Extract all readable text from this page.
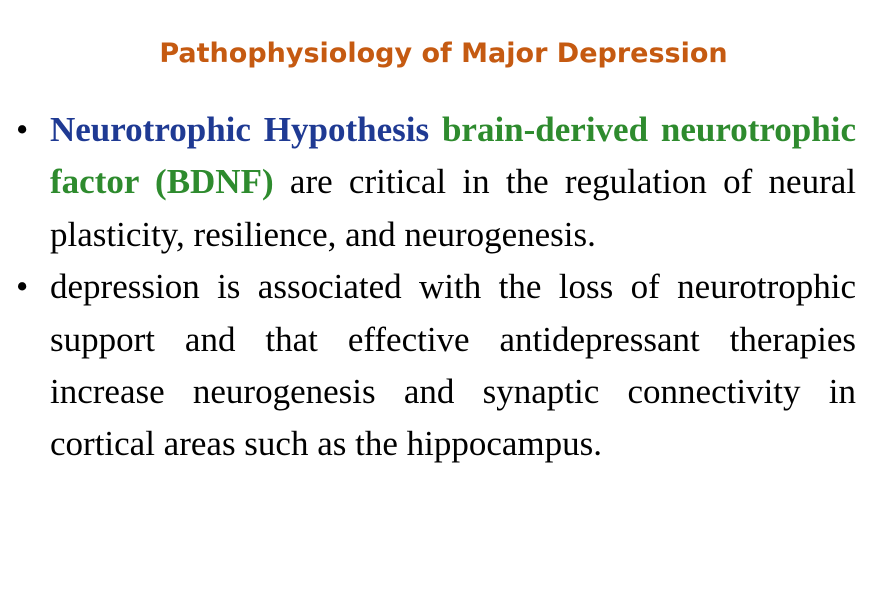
Pathophysiology of Major Depression
• Neurotrophic Hypothesis brain-derived neurotrophic factor (BDNF) are critical in the regulation of neural plasticity, resilience, and neurogenesis.
• depression is associated with the loss of neurotrophic support and that effective antidepressant therapies increase neurogenesis and synaptic connectivity in cortical areas such as the hippocampus.
